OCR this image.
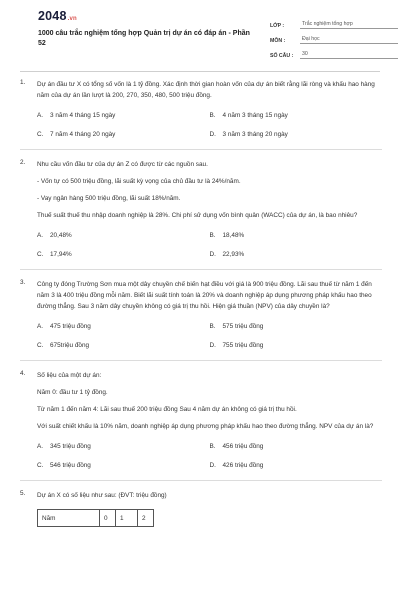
2048.vn
1000 câu trắc nghiệm tổng hợp Quản trị dự án có đáp án - Phần 52
LỚP :	Trắc nghiệm tổng hợp
MÔN :	Đại học
SỐ CÂU :	30
1. Dự án đầu tư X có tổng số vốn là 1 tỷ đồng. Xác định thời gian hoàn vốn của dự án biết rằng lãi ròng và khấu hao hàng năm của dự án lần lượt là 200, 270, 350, 480, 500 triệu đồng.
A. 3 năm 4 tháng 15 ngày	B. 4 năm 3 tháng 15 ngày
C. 7 năm 4 tháng 20 ngày	D. 3 năm 3 tháng 20 ngày
2. Nhu cầu vốn đầu tư của dự án Z có được từ các nguồn sau.
- Vốn tự có 500 triệu đồng, lãi suất kỳ vọng của chủ đầu tư là 24%/năm.
- Vay ngân hàng 500 triệu đồng, lãi suất 18%/năm.
Thuế suất thuế thu nhập doanh nghiệp là 28%. Chi phí sử dụng vốn bình quân (WACC) của dự án, là bao nhiêu?
A. 20,48%	B. 18,48%
C. 17,94%	D. 22,93%
3. Công ty đóng Trường Sơn mua một dây chuyền chế biến hạt điều với giá là 900 triệu đồng. Lãi sau thuế từ năm 1 đến năm 3 là 400 triệu đồng mỗi năm. Biết lãi suất tính toán là 20% và doanh nghiệp áp dụng phương pháp khấu hao theo đường thẳng. Sau 3 năm dây chuyền không có giá trị thu hồi. Hiện giá thuần (NPV) của dây chuyền là?
A. 475 triệu đồng	B. 575 triệu đồng
C. 675triệu đồng	D. 755 triệu đồng
4. Số liệu của một dự án:
Năm 0: đầu tư 1 tỷ đồng.
Từ năm 1 đến năm 4: Lãi sau thuế 200 triệu đồng Sau 4 năm dự án không có giá trị thu hồi.
Với suất chiết khấu là 10% năm, doanh nghiệp áp dụng phương pháp khấu hao theo đường thẳng. NPV của dự án là?
A. 345 triệu đồng	B. 456 triệu đồng
C. 546 triệu đồng	D. 426 triệu đồng
5. Dự án X có số liệu như sau: (ĐVT: triệu đồng)
Năm	0	1	2
